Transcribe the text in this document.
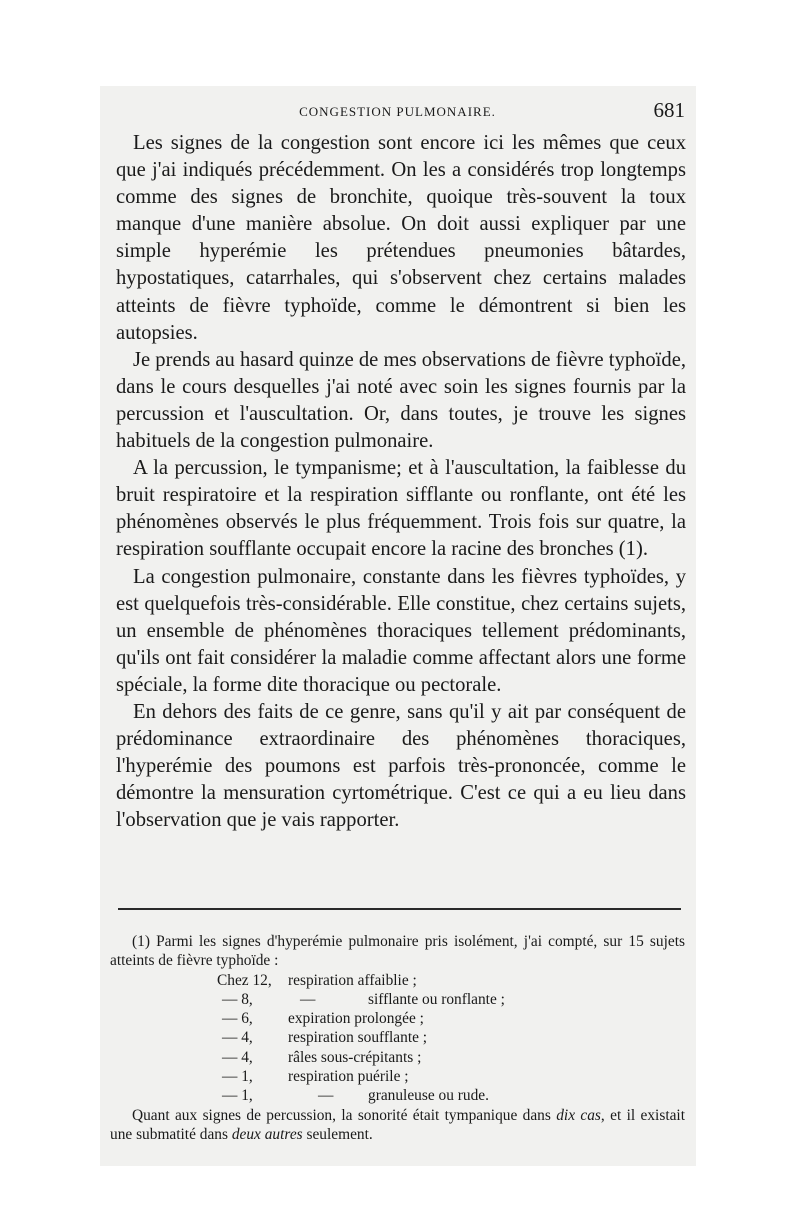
CONGESTION PULMONAIRE.	681

Les signes de la congestion sont encore ici les mêmes que ceux que j'ai indiqués précédemment. On les a considérés trop longtemps comme des signes de bronchite, quoique très-souvent la toux manque d'une manière absolue. On doit aussi expliquer par une simple hyperémie les prétendues pneumonies bâtardes, hypostatiques, catarrhales, qui s'observent chez certains malades atteints de fièvre typhoïde, comme le démontrent si bien les autopsies.

Je prends au hasard quinze de mes observations de fièvre typhoïde, dans le cours desquelles j'ai noté avec soin les signes fournis par la percussion et l'auscultation. Or, dans toutes, je trouve les signes habituels de la congestion pulmonaire.

A la percussion, le tympanisme; et à l'auscultation, la faiblesse du bruit respiratoire et la respiration sifflante ou ronflante, ont été les phénomènes observés le plus fréquemment. Trois fois sur quatre, la respiration soufflante occupait encore la racine des bronches (1).

La congestion pulmonaire, constante dans les fièvres typhoïdes, y est quelquefois très-considérable. Elle constitue, chez certains sujets, un ensemble de phénomènes thoraciques tellement prédominants, qu'ils ont fait considérer la maladie comme affectant alors une forme spéciale, la forme dite thoracique ou pectorale.

En dehors des faits de ce genre, sans qu'il y ait par conséquent de prédominance extraordinaire des phénomènes thoraciques, l'hyperémie des poumons est parfois très-prononcée, comme le démontre la mensuration cyrtométrique. C'est ce qui a eu lieu dans l'observation que je vais rapporter.

(1) Parmi les signes d'hyperémie pulmonaire pris isolément, j'ai compté, sur 15 sujets atteints de fièvre typhoïde :

Chez 12, respiration affaiblie ;
— 8,	—	sifflante ou ronflante ;
— 6, expiration prolongée ;
— 4, respiration soufflante ;
— 4, râles sous-crépitants ;
— 1, respiration puérile ;
— 1,	— granuleuse ou rude.

Quant aux signes de percussion, la sonorité était tympanique dans dix cas, et il existait une submatité dans deux autres seulement.
